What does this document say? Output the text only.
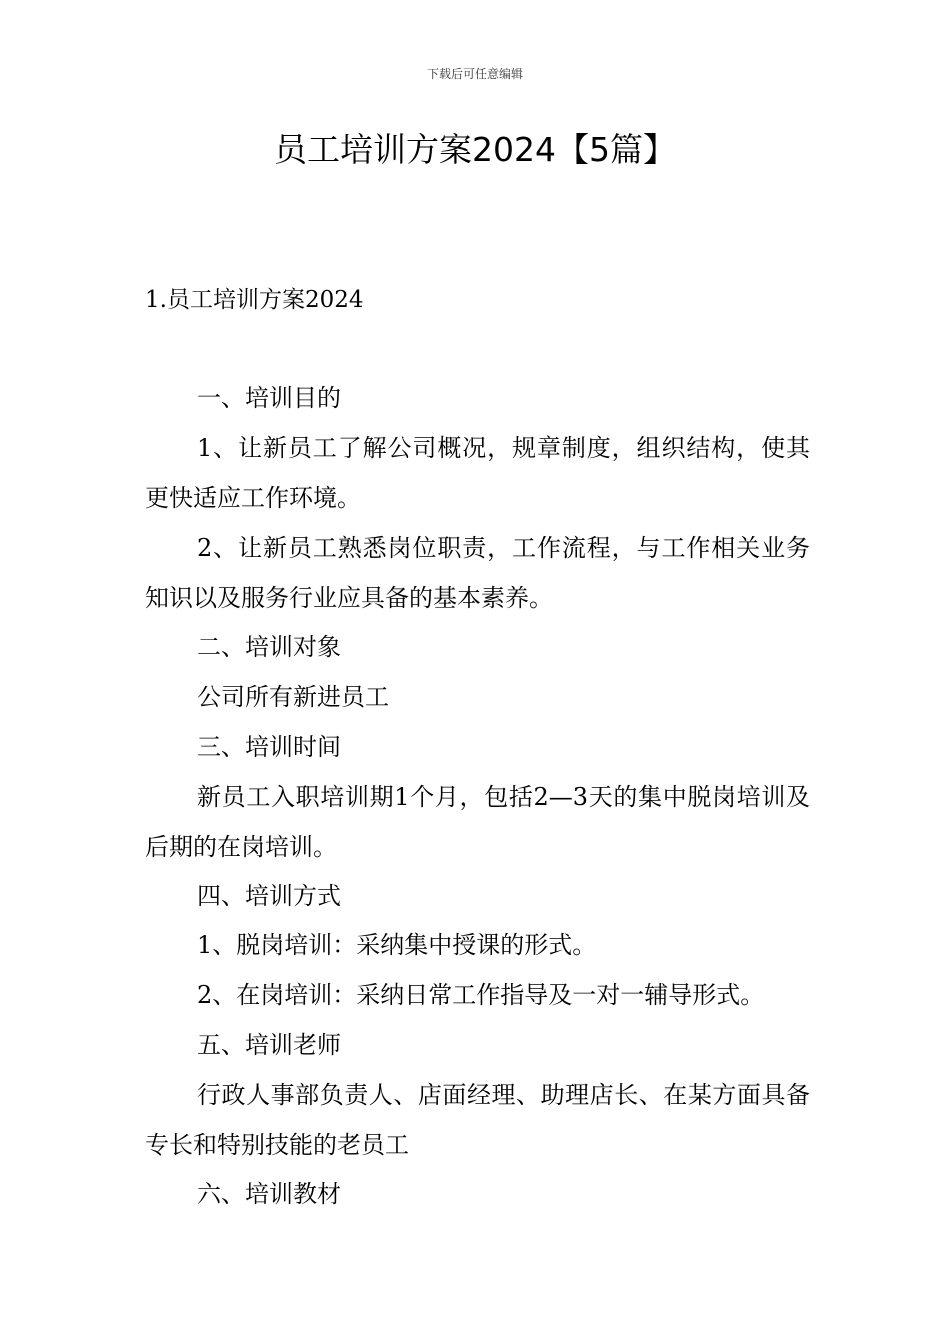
下载后可任意编辑
员工培训方案2024【5篇】
1.员工培训方案2024

一、培训目的

1、让新员工了解公司概况，规章制度，组织结构，使其更快适应工作环境。

2、让新员工熟悉岗位职责，工作流程，与工作相关业务知识以及服务行业应具备的基本素养。

二、培训对象

公司所有新进员工

三、培训时间

新员工入职培训期1个月，包括2—3天的集中脱岗培训及后期的在岗培训。

四、培训方式

1、脱岗培训：采纳集中授课的形式。

2、在岗培训：采纳日常工作指导及一对一辅导形式。

五、培训老师

行政人事部负责人、店面经理、助理店长、在某方面具备专长和特别技能的老员工

六、培训教材
